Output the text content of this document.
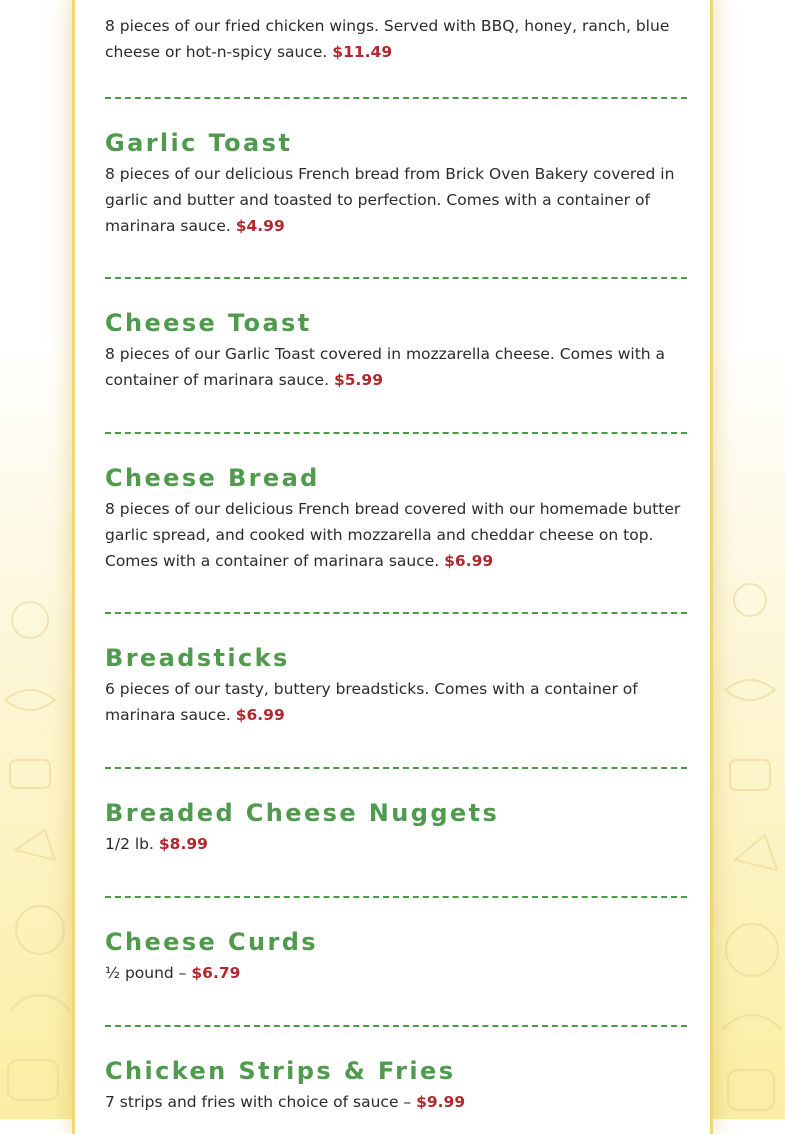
8 pieces of our fried chicken wings. Served with BBQ, honey, ranch, blue cheese or hot-n-spicy sauce. $11.49

Garlic Toast

8 pieces of our delicious French bread from Brick Oven Bakery covered in garlic and butter and toasted to perfection. Comes with a container of marinara sauce. $4.99

Cheese Toast

8 pieces of our Garlic Toast covered in mozzarella cheese. Comes with a container of marinara sauce. $5.99

Cheese Bread

8 pieces of our delicious French bread covered with our homemade butter garlic spread, and cooked with mozzarella and cheddar cheese on top. Comes with a container of marinara sauce. $6.99

Breadsticks

6 pieces of our tasty, buttery breadsticks. Comes with a container of marinara sauce. $6.99

Breaded Cheese Nuggets

1/2 lb. $8.99

Cheese Curds

½ pound – $6.79

Chicken Strips & Fries

7 strips and fries with choice of sauce – $9.99
